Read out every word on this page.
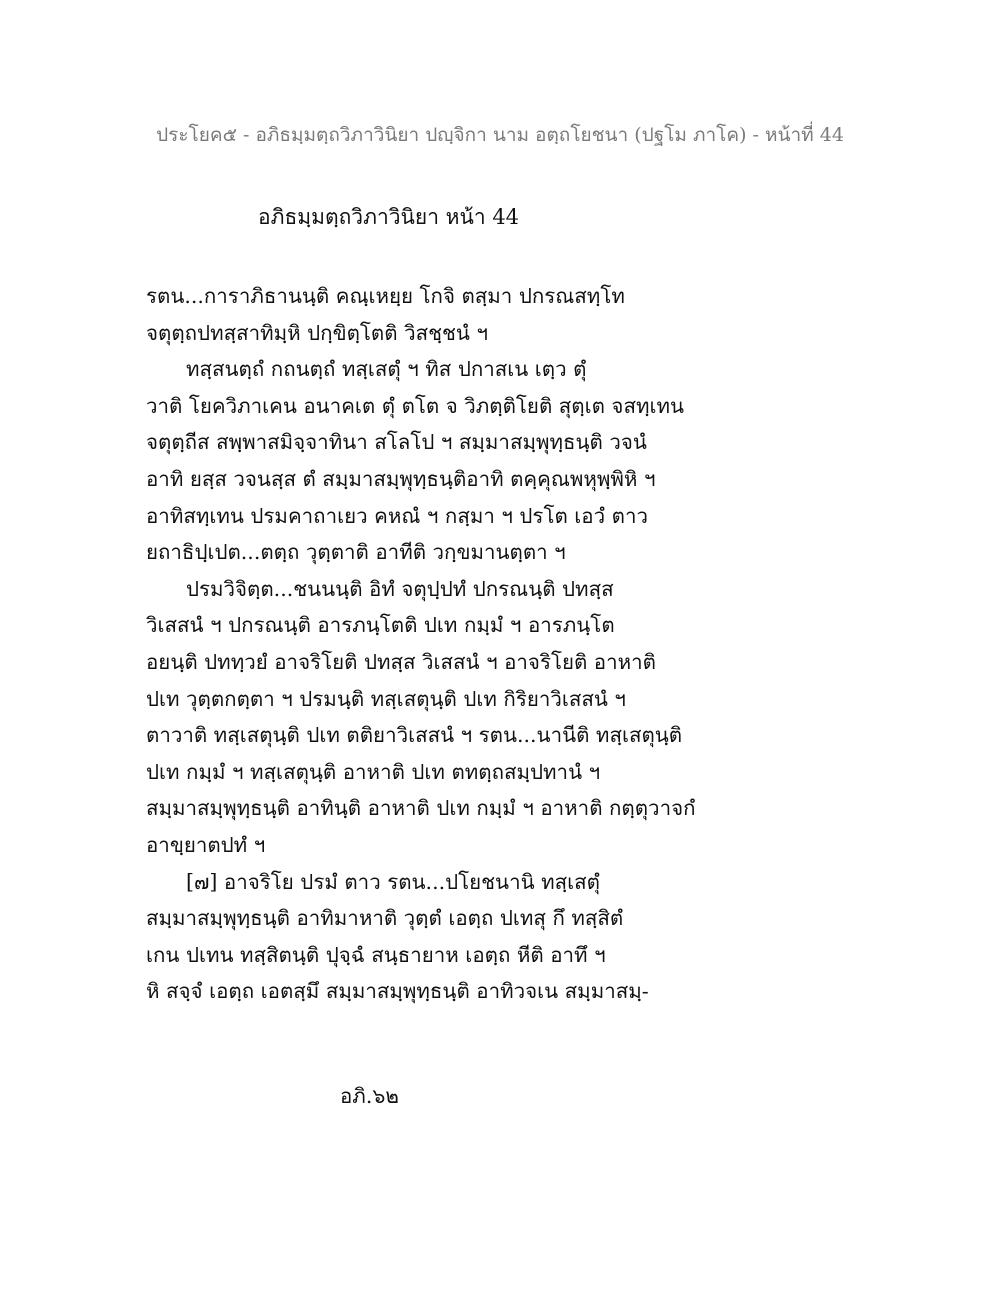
ประโยค๕ - อภิธมฺมตฺถวิภาวินิยา ปญฺจิกา นาม อตฺถโยชนา (ปฐโม ภาโค) - หน้าที่ 44
อภิธมฺมตฺถวิภาวินิยา หน้า 44
รตน...การาภิธานนฺติ คณฺเหยฺย โกจิ ตสฺมา ปกรณสทฺโท
จตุตฺถปทสฺสาทิมฺหิ ปกฺขิตฺโตติ วิสชฺชนํ ฯ
ทสฺสนตฺถํ กถนตฺถํ ทสฺเสตุํ ฯ ทิส ปกาสเน เตฺว ตุํ
วาติ โยควิภาเคน อนาคเต ตุํ ตโต จ วิภตฺติโยติ สุตฺเต จสทฺเทน
จตุตฺถีส สพฺพาสมิจฺจาทินา สโลโป ฯ สมฺมาสมฺพุทฺธนฺติ วจนํ
อาทิ ยสฺส วจนสฺส ตํ สมฺมาสมฺพุทฺธนฺติอาทิ ตคฺคุณพหุพฺพิหิ ฯ
อาทิสทฺเทน ปรมคาถาเยว คหณํ ฯ กสฺมา ฯ ปรโต เอวํ ตาว
ยถาธิปฺเปต...ตตฺถ วุตฺตาติ อาทีติ วกฺขมานตฺตา ฯ
ปรมวิจิตฺต...ชนนนฺติ อิทํ จตุปฺปทํ ปกรณนฺติ ปทสฺส
วิเสสนํ ฯ ปกรณนฺติ อารภนฺโตติ ปเท กมฺมํ ฯ อารภนฺโต
อยนฺติ ปททฺวยํ อาจริโยติ ปทสฺส วิเสสนํ ฯ อาจริโยติ อาหาติ
ปเท วุตฺตกตฺตา ฯ ปรมนฺติ ทสฺเสตุนฺติ ปเท กิริยาวิเสสนํ ฯ
ตาวาติ ทสฺเสตุนฺติ ปเท ตติยาวิเสสนํ ฯ รตน...นานีติ ทสฺเสตุนฺติ
ปเท กมฺมํ ฯ ทสฺเสตุนฺติ อาหาติ ปเท ตทตฺถสมฺปทานํ ฯ
สมฺมาสมฺพุทฺธนฺติ อาทินฺติ อาหาติ ปเท กมฺมํ ฯ อาหาติ กตฺตุวาจกํ
อาขฺยาตปทํ ฯ
[๗] อาจริโย ปรมํ ตาว รตน...ปโยชนานิ ทสฺเสตุํ
สมฺมาสมฺพุทฺธนฺติ อาทิมาหาติ วุตฺตํ เอตฺถ ปเทสุ กึ ทสฺสิตํ
เกน ปเทน ทสฺสิตนฺติ ปุจฺฉํ สนฺธายาห เอตฺถ หีติ อาทึ ฯ
หิ สจฺจํ เอตฺถ เอตสฺมึ สมฺมาสมฺพุทฺธนฺติ อาทิวจเน สมฺมาสมฺ-
อภิ.๖๒
